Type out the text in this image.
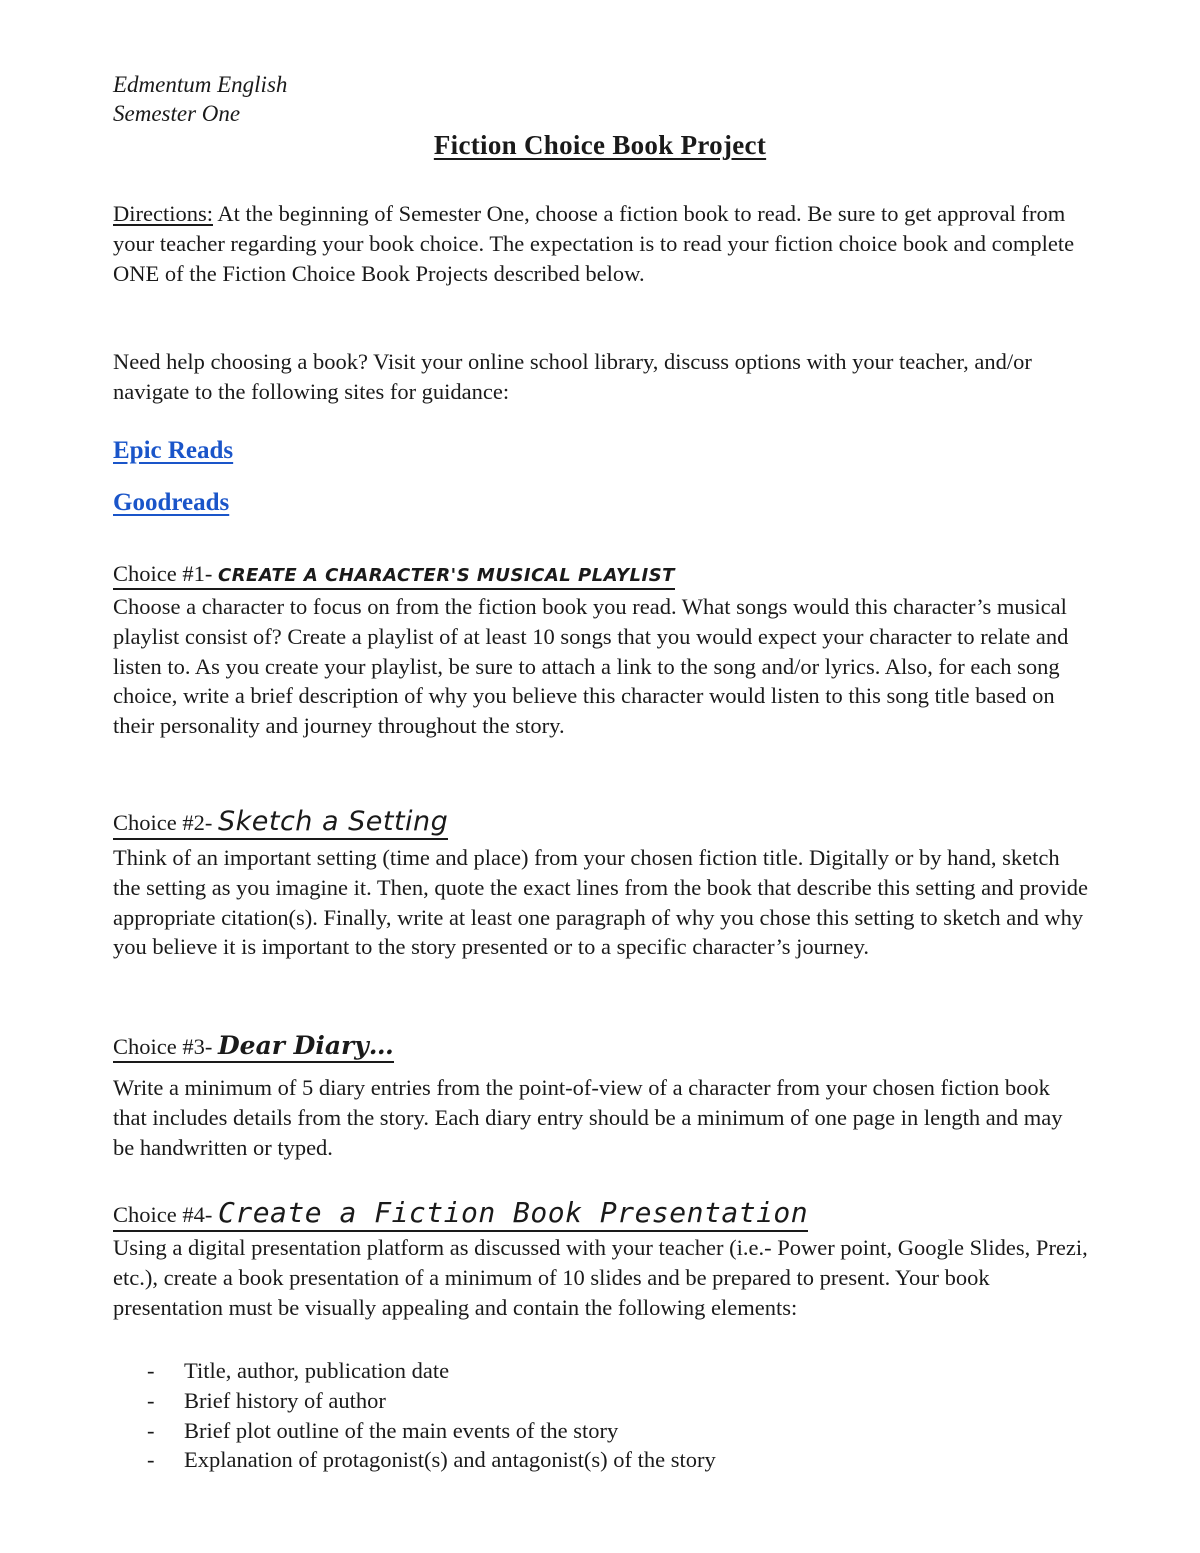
Edmentum English
Semester One
Fiction Choice Book Project
Directions: At the beginning of Semester One, choose a fiction book to read. Be sure to get approval from your teacher regarding your book choice. The expectation is to read your fiction choice book and complete ONE of the Fiction Choice Book Projects described below.
Need help choosing a book? Visit your online school library, discuss options with your teacher, and/or navigate to the following sites for guidance:
Epic Reads
Goodreads
Choice #1- CREATE A CHARACTER'S MUSICAL PLAYLIST
Choose a character to focus on from the fiction book you read. What songs would this character’s musical playlist consist of? Create a playlist of at least 10 songs that you would expect your character to relate and listen to. As you create your playlist, be sure to attach a link to the song and/or lyrics. Also, for each song choice, write a brief description of why you believe this character would listen to this song title based on their personality and journey throughout the story.
Choice #2- Sketch a Setting
Think of an important setting (time and place) from your chosen fiction title. Digitally or by hand, sketch the setting as you imagine it. Then, quote the exact lines from the book that describe this setting and provide appropriate citation(s). Finally, write at least one paragraph of why you chose this setting to sketch and why you believe it is important to the story presented or to a specific character’s journey.
Choice #3- Dear Diary…
Write a minimum of 5 diary entries from the point-of-view of a character from your chosen fiction book that includes details from the story. Each diary entry should be a minimum of one page in length and may be handwritten or typed.
Choice #4- Create a Fiction Book Presentation
Using a digital presentation platform as discussed with your teacher (i.e.- Power point, Google Slides, Prezi, etc.), create a book presentation of a minimum of 10 slides and be prepared to present. Your book presentation must be visually appealing and contain the following elements:
- Title, author, publication date
- Brief history of author
- Brief plot outline of the main events of the story
- Explanation of protagonist(s) and antagonist(s) of the story
